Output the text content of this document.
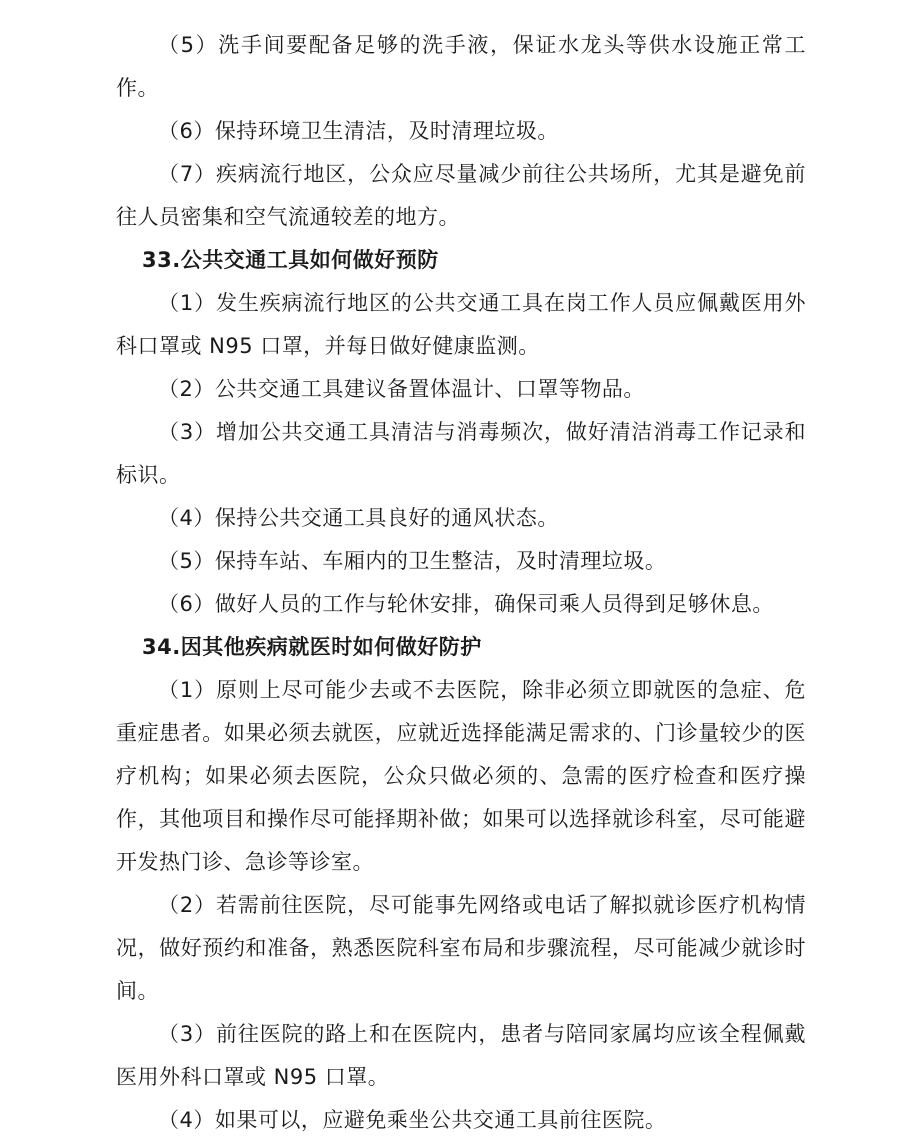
（5）洗手间要配备足够的洗手液，保证水龙头等供水设施正常工作。

（6）保持环境卫生清洁，及时清理垃圾。

（7）疾病流行地区，公众应尽量减少前往公共场所，尤其是避免前往人员密集和空气流通较差的地方。

33.公共交通工具如何做好预防

（1）发生疾病流行地区的公共交通工具在岗工作人员应佩戴医用外科口罩或 N95 口罩，并每日做好健康监测。

（2）公共交通工具建议备置体温计、口罩等物品。

（3）增加公共交通工具清洁与消毒频次，做好清洁消毒工作记录和标识。

（4）保持公共交通工具良好的通风状态。

（5）保持车站、车厢内的卫生整洁，及时清理垃圾。

（6）做好人员的工作与轮休安排，确保司乘人员得到足够休息。

34.因其他疾病就医时如何做好防护

（1）原则上尽可能少去或不去医院，除非必须立即就医的急症、危重症患者。如果必须去就医，应就近选择能满足需求的、门诊量较少的医疗机构；如果必须去医院，公众只做必须的、急需的医疗检查和医疗操作，其他项目和操作尽可能择期补做；如果可以选择就诊科室，尽可能避开发热门诊、急诊等诊室。

（2）若需前往医院，尽可能事先网络或电话了解拟就诊医疗机构情况，做好预约和准备，熟悉医院科室布局和步骤流程，尽可能减少就诊时间。

（3）前往医院的路上和在医院内，患者与陪同家属均应该全程佩戴医用外科口罩或 N95 口罩。

（4）如果可以，应避免乘坐公共交通工具前往医院。
